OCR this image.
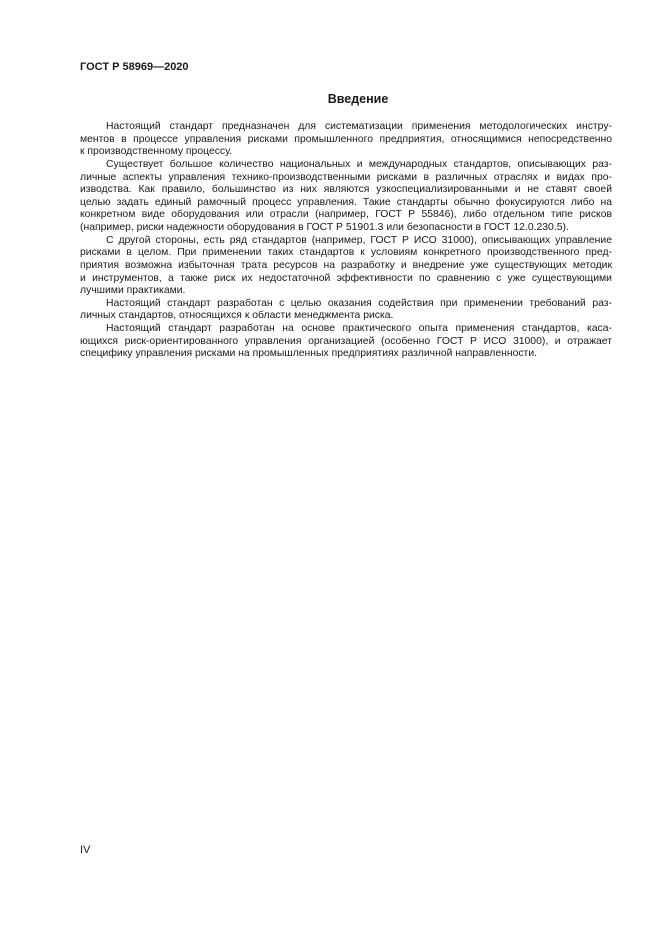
ГОСТ Р 58969—2020
Введение
Настоящий стандарт предназначен для систематизации применения методологических инстру-
ментов в процессе управления рисками промышленного предприятия, относящимися непосредственно
к производственному процессу.
Существует большое количество национальных и международных стандартов, описывающих раз-
личные аспекты управления технико-производственными рисками в различных отраслях и видах про-
изводства. Как правило, большинство из них являются узкоспециализированными и не ставят своей
целью задать единый рамочный процесс управления. Такие стандарты обычно фокусируются либо на
конкретном виде оборудования или отрасли (например, ГОСТ Р 55846), либо отдельном типе рисков
(например, риски надежности оборудования в ГОСТ Р 51901.3 или безопасности в ГОСТ 12.0.230.5).
С другой стороны, есть ряд стандартов (например, ГОСТ Р ИСО 31000), описывающих управление
рисками в целом. При применении таких стандартов к условиям конкретного производственного пред-
приятия возможна избыточная трата ресурсов на разработку и внедрение уже существующих методик
и инструментов, а также риск их недостаточной эффективности по сравнению с уже существующими
лучшими практиками.
Настоящий стандарт разработан с целью оказания содействия при применении требований раз-
личных стандартов, относящихся к области менеджмента риска.
Настоящий стандарт разработан на основе практического опыта применения стандартов, каса-
ющихся риск-ориентированного управления организацией (особенно ГОСТ Р ИСО 31000), и отражает
специфику управления рисками на промышленных предприятиях различной направленности.
IV
